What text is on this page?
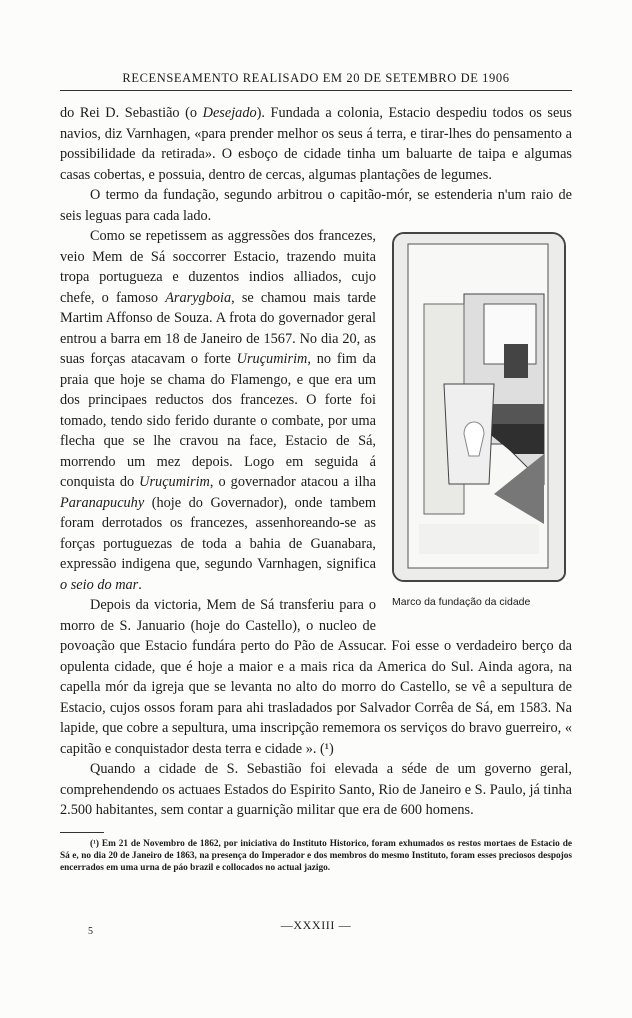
RECENSEAMENTO REALISADO EM 20 DE SETEMBRO DE 1906

do Rei D. Sebastião (o Desejado). Fundada a colonia, Estacio despediu todos os seus navios, diz Varnhagen, «para prender melhor os seus á terra, e tirar-lhes do pensamento a possibilidade da retirada». O esboço de cidade tinha um baluarte de taipa e algumas casas cobertas, e possuia, dentro de cercas, algumas plantações de legumes.

O termo da fundação, segundo arbitrou o capitão-mór, se estenderia n'um raio de seis leguas para cada lado.

Marco da fundação da cidade

Como se repetissem as aggressões dos francezes, veio Mem de Sá soccorrer Estacio, trazendo muita tropa portugueza e duzentos indios alliados, cujo chefe, o famoso Ararygboia, se chamou mais tarde Martim Affonso de Souza. A frota do governador geral entrou a barra em 18 de Janeiro de 1567. No dia 20, as suas forças atacavam o forte Uruçumirim, no fim da praia que hoje se chama do Flamengo, e que era um dos principaes reductos dos francezes. O forte foi tomado, tendo sido ferido durante o combate, por uma flecha que se lhe cravou na face, Estacio de Sá, morrendo um mez depois. Logo em seguida á conquista do Uruçumirim, o governador atacou a ilha Paranapucuhy (hoje do Governador), onde tambem foram derrotados os francezes, assenhoreando-se as forças portuguezas de toda a bahia de Guanabara, expressão indigena que, segundo Varnhagen, significa o seio do mar.

Depois da victoria, Mem de Sá transferiu para o morro de S. Januario (hoje do Castello), o nucleo de povoação que Estacio fundára perto do Pão de Assucar. Foi esse o verdadeiro berço da opulenta cidade, que é hoje a maior e a mais rica da America do Sul. Ainda agora, na capella mór da igreja que se levanta no alto do morro do Castello, se vê a sepultura de Estacio, cujos ossos foram para ahi trasladados por Salvador Corrêa de Sá, em 1583. Na lapide, que cobre a sepultura, uma inscripção rememora os serviços do bravo guerreiro, « capitão e conquistador desta terra e cidade ». (¹)

Quando a cidade de S. Sebastião foi elevada a séde de um governo geral, comprehendendo os actuaes Estados do Espirito Santo, Rio de Janeiro e S. Paulo, já tinha 2.500 habitantes, sem contar a guarnição militar que era de 600 homens.

(¹) Em 21 de Novembro de 1862, por iniciativa do Instituto Historico, foram exhumados os restos mortaes de Estacio de Sá e, no dia 20 de Janeiro de 1863, na presença do Imperador e dos membros do mesmo Instituto, foram esses preciosos despojos encerrados em uma urna de páo brazil e collocados no actual jazigo.
—XXXIII —
5
